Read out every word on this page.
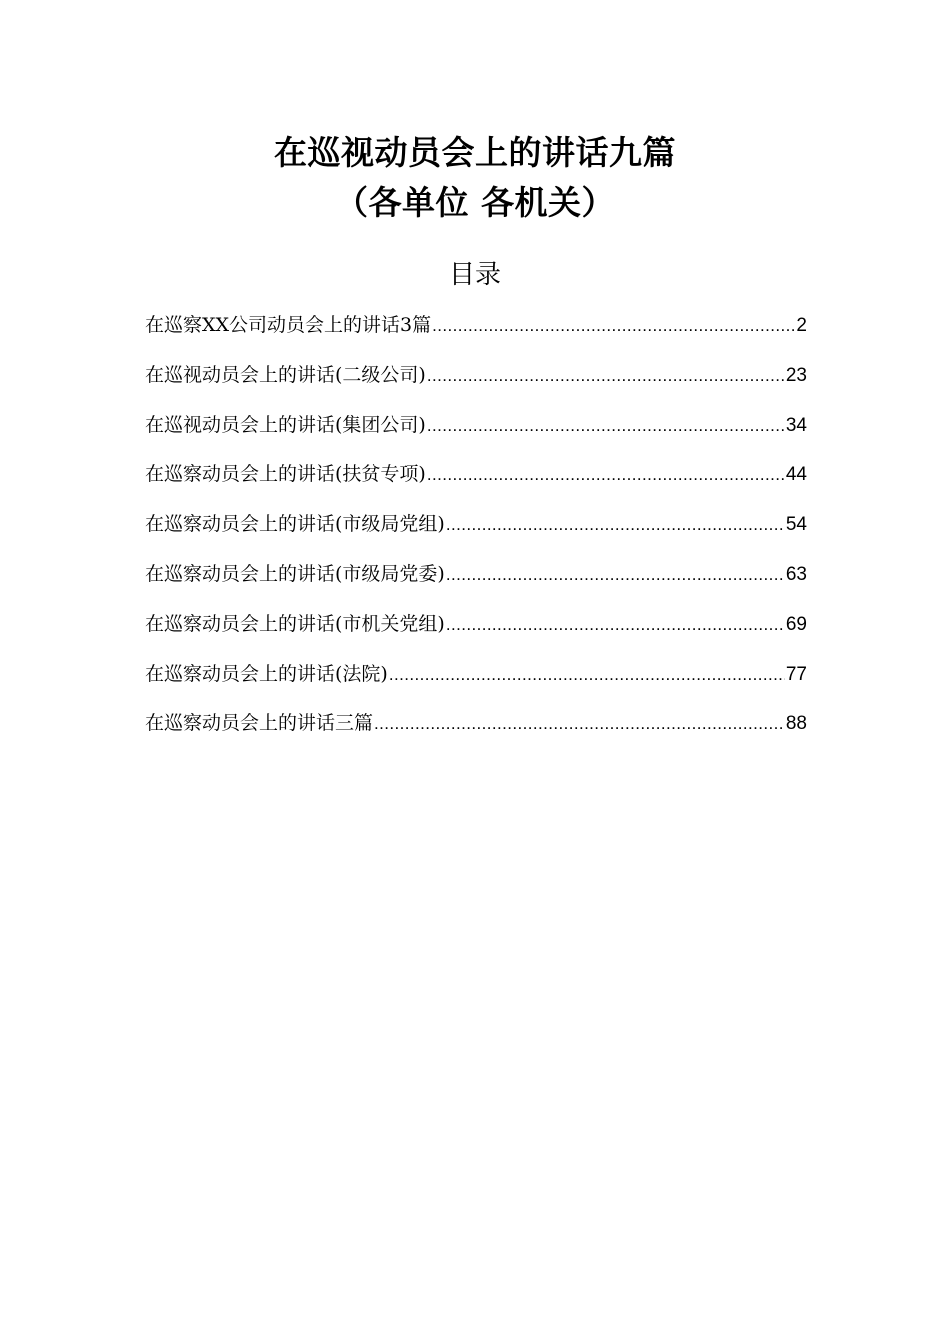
在巡视动员会上的讲话九篇
（各单位 各机关）
目录
在巡察XX公司动员会上的讲话3篇 .....	2
在巡视动员会上的讲话(二级公司) .....	23
在巡视动员会上的讲话(集团公司) .....	34
在巡察动员会上的讲话(扶贫专项) .....	44
在巡察动员会上的讲话(市级局党组) .....	54
在巡察动员会上的讲话(市级局党委) .....	63
在巡察动员会上的讲话(市机关党组) .....	69
在巡察动员会上的讲话(法院) .....	77
在巡察动员会上的讲话三篇 .....	88
